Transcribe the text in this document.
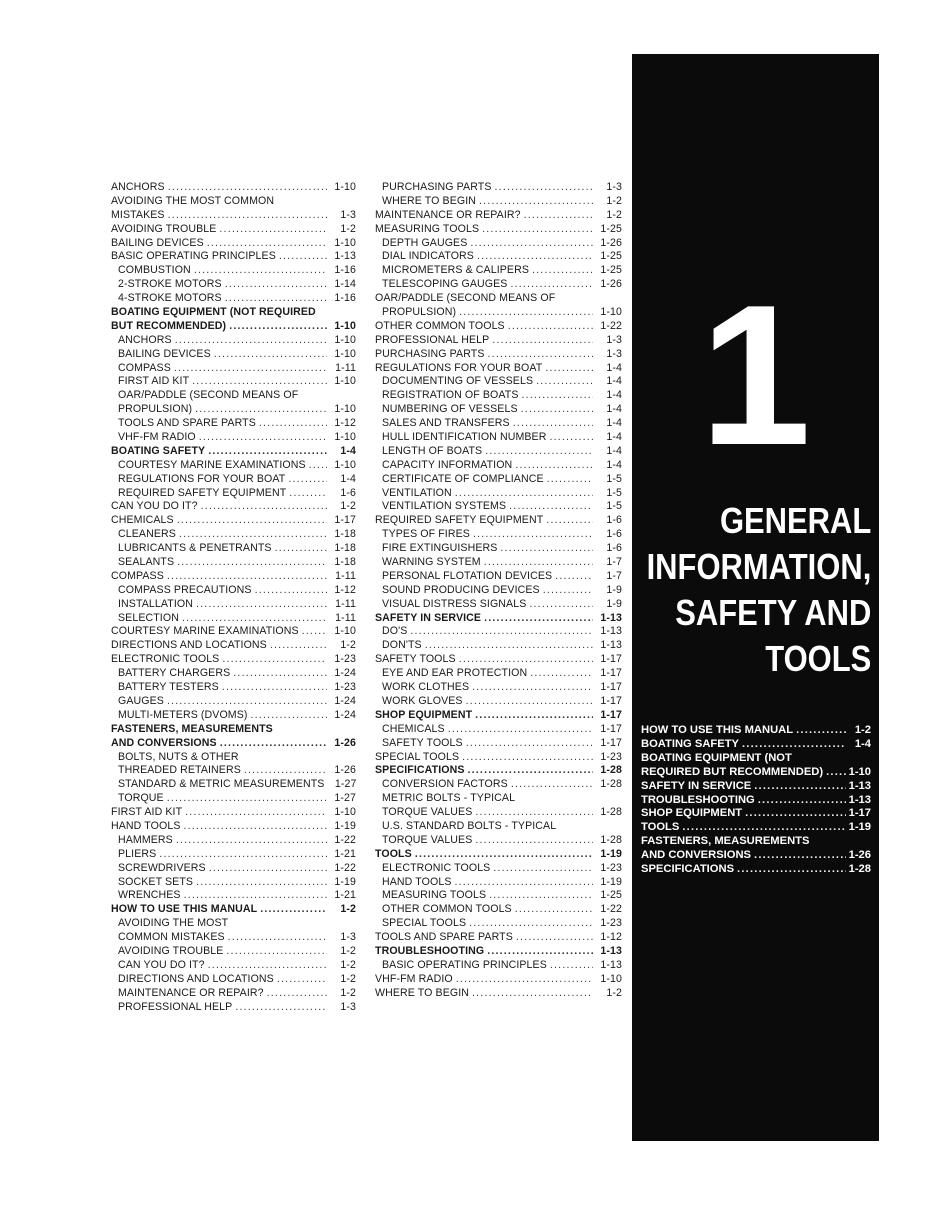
ANCHORS .....	1-10
AVOIDING THE MOST COMMON
MISTAKES .....	1-3
AVOIDING TROUBLE .....	1-2
BAILING DEVICES .....	1-10
BASIC OPERATING PRINCIPLES .....	1-13
COMBUSTION .....	1-16
2-STROKE MOTORS .....	1-14
4-STROKE MOTORS .....	1-16
BOATING EQUIPMENT (NOT REQUIRED
BUT RECOMMENDED) .....	1-10
ANCHORS .....	1-10
BAILING DEVICES .....	1-10
COMPASS .....	1-11
FIRST AID KIT .....	1-10
OAR/PADDLE (SECOND MEANS OF
PROPULSION) .....	1-10
TOOLS AND SPARE PARTS .....	1-12
VHF-FM RADIO .....	1-10
BOATING SAFETY .....	1-4
COURTESY MARINE EXAMINATIONS .....	1-10
REGULATIONS FOR YOUR BOAT .....	1-4
REQUIRED SAFETY EQUIPMENT .....	1-6
CAN YOU DO IT? .....	1-2
CHEMICALS .....	1-17
CLEANERS .....	1-18
LUBRICANTS & PENETRANTS .....	1-18
SEALANTS .....	1-18
COMPASS .....	1-11
COMPASS PRECAUTIONS .....	1-12
INSTALLATION .....	1-11
SELECTION .....	1-11
COURTESY MARINE EXAMINATIONS .....	1-10
DIRECTIONS AND LOCATIONS .....	1-2
ELECTRONIC TOOLS .....	1-23
BATTERY CHARGERS .....	1-24
BATTERY TESTERS .....	1-23
GAUGES .....	1-24
MULTI-METERS (DVOMS) .....	1-24
FASTENERS, MEASUREMENTS
AND CONVERSIONS .....	1-26
BOLTS, NUTS & OTHER
THREADED RETAINERS .....	1-26
STANDARD & METRIC MEASUREMENTS 1-27
TORQUE .....	1-27
FIRST AID KIT .....	1-10
HAND TOOLS .....	1-19
HAMMERS .....	1-22
PLIERS .....	1-21
SCREWDRIVERS .....	1-22
SOCKET SETS .....	1-19
WRENCHES .....	1-21
HOW TO USE THIS MANUAL .....	1-2
AVOIDING THE MOST
COMMON MISTAKES .....	1-3
AVOIDING TROUBLE .....	1-2
CAN YOU DO IT? .....	1-2
DIRECTIONS AND LOCATIONS .....	1-2
MAINTENANCE OR REPAIR? .....	1-2
PROFESSIONAL HELP .....	1-3
PURCHASING PARTS .....	1-3
WHERE TO BEGIN .....	1-2
MAINTENANCE OR REPAIR? .....	1-2
MEASURING TOOLS .....	1-25
DEPTH GAUGES .....	1-26
DIAL INDICATORS .....	1-25
MICROMETERS & CALIPERS .....	1-25
TELESCOPING GAUGES .....	1-26
OAR/PADDLE (SECOND MEANS OF
PROPULSION) .....	1-10
OTHER COMMON TOOLS .....	1-22
PROFESSIONAL HELP .....	1-3
PURCHASING PARTS .....	1-3
REGULATIONS FOR YOUR BOAT .....	1-4
DOCUMENTING OF VESSELS .....	1-4
REGISTRATION OF BOATS .....	1-4
NUMBERING OF VESSELS .....	1-4
SALES AND TRANSFERS .....	1-4
HULL IDENTIFICATION NUMBER .....	1-4
LENGTH OF BOATS .....	1-4
CAPACITY INFORMATION .....	1-4
CERTIFICATE OF COMPLIANCE .....	1-5
VENTILATION .....	1-5
VENTILATION SYSTEMS .....	1-5
REQUIRED SAFETY EQUIPMENT .....	1-6
TYPES OF FIRES .....	1-6
FIRE EXTINGUISHERS .....	1-6
WARNING SYSTEM .....	1-7
PERSONAL FLOTATION DEVICES .....	1-7
SOUND PRODUCING DEVICES .....	1-9
VISUAL DISTRESS SIGNALS .....	1-9
SAFETY IN SERVICE .....	1-13
DO'S .....	1-13
DON'TS .....	1-13
SAFETY TOOLS .....	1-17
EYE AND EAR PROTECTION .....	1-17
WORK CLOTHES .....	1-17
WORK GLOVES .....	1-17
SHOP EQUIPMENT .....	1-17
CHEMICALS .....	1-17
SAFETY TOOLS .....	1-17
SPECIAL TOOLS .....	1-23
SPECIFICATIONS .....	1-28
CONVERSION FACTORS .....	1-28
METRIC BOLTS - TYPICAL
TORQUE VALUES .....	1-28
U.S. STANDARD BOLTS - TYPICAL
TORQUE VALUES .....	1-28
TOOLS .....	1-19
ELECTRONIC TOOLS .....	1-23
HAND TOOLS .....	1-19
MEASURING TOOLS .....	1-25
OTHER COMMON TOOLS .....	1-22
SPECIAL TOOLS .....	1-23
TOOLS AND SPARE PARTS .....	1-12
TROUBLESHOOTING .....	1-13
BASIC OPERATING PRINCIPLES .....	1-13
VHF-FM RADIO .....	1-10
WHERE TO BEGIN .....	1-2
1
GENERAL
INFORMATION,
SAFETY AND
TOOLS
HOW TO USE THIS MANUAL .....	1-2
BOATING SAFETY .....	1-4
BOATING EQUIPMENT (NOT
REQUIRED BUT RECOMMENDED) ..... 1-10
SAFETY IN SERVICE .....	1-13
TROUBLESHOOTING .....	1-13
SHOP EQUIPMENT .....	1-17
TOOLS .....	1-19
FASTENERS, MEASUREMENTS
AND CONVERSIONS .....	1-26
SPECIFICATIONS .....	1-28
